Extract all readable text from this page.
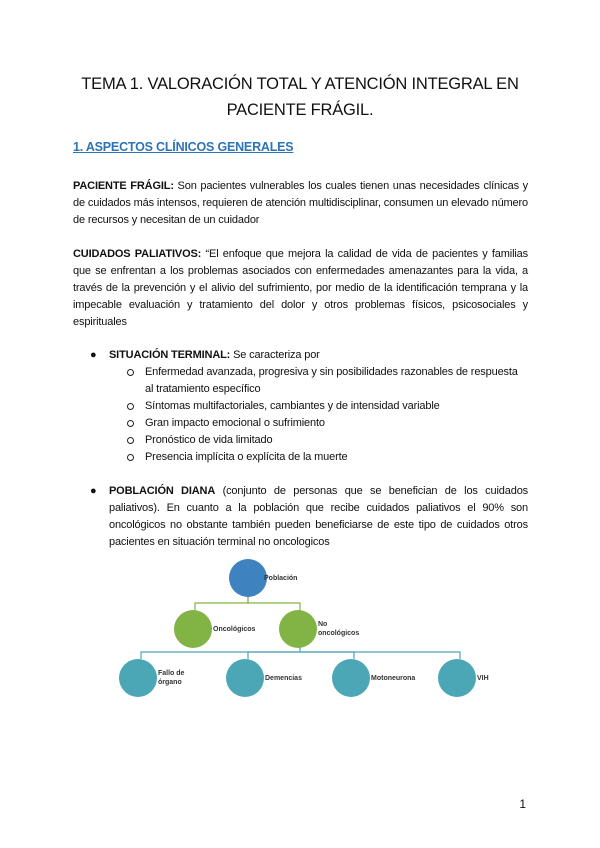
TEMA 1. VALORACIÓN TOTAL Y ATENCIÓN INTEGRAL EN
PACIENTE FRÁGIL.
1. ASPECTOS CLÍNICOS GENERALES
PACIENTE FRÁGIL: Son pacientes vulnerables los cuales tienen unas necesidades clínicas y de cuidados más intensos, requieren de atención multidisciplinar, consumen un elevado número de recursos y necesitan de un cuidador
CUIDADOS PALIATIVOS: “El enfoque que mejora la calidad de vida de pacientes y familias que se enfrentan a los problemas asociados con enfermedades amenazantes para la vida, a través de la prevención y el alivio del sufrimiento, por medio de la identificación temprana y la impecable evaluación y tratamiento del dolor y otros problemas físicos, psicosociales y espirituales
● SITUACIÓN TERMINAL: Se caracteriza por
Enfermedad avanzada, progresiva y sin posibilidades razonables de respuesta al tratamiento específico
Síntomas multifactoriales, cambiantes y de intensidad variable
Gran impacto emocional o sufrimiento
Pronóstico de vida limitado
Presencia implícita o explícita de la muerte
● POBLACIÓN DIANA (conjunto de personas que se benefician de los cuidados paliativos). En cuanto a la población que recibe cuidados paliativos el 90% son oncológicos no obstante también pueden beneficiarse de este tipo de cuidados otros pacientes en situación terminal no oncologicos
Población
Oncológicos
No oncológicos
Fallo de órgano
Demencias	Motoneurona	VIH
1
